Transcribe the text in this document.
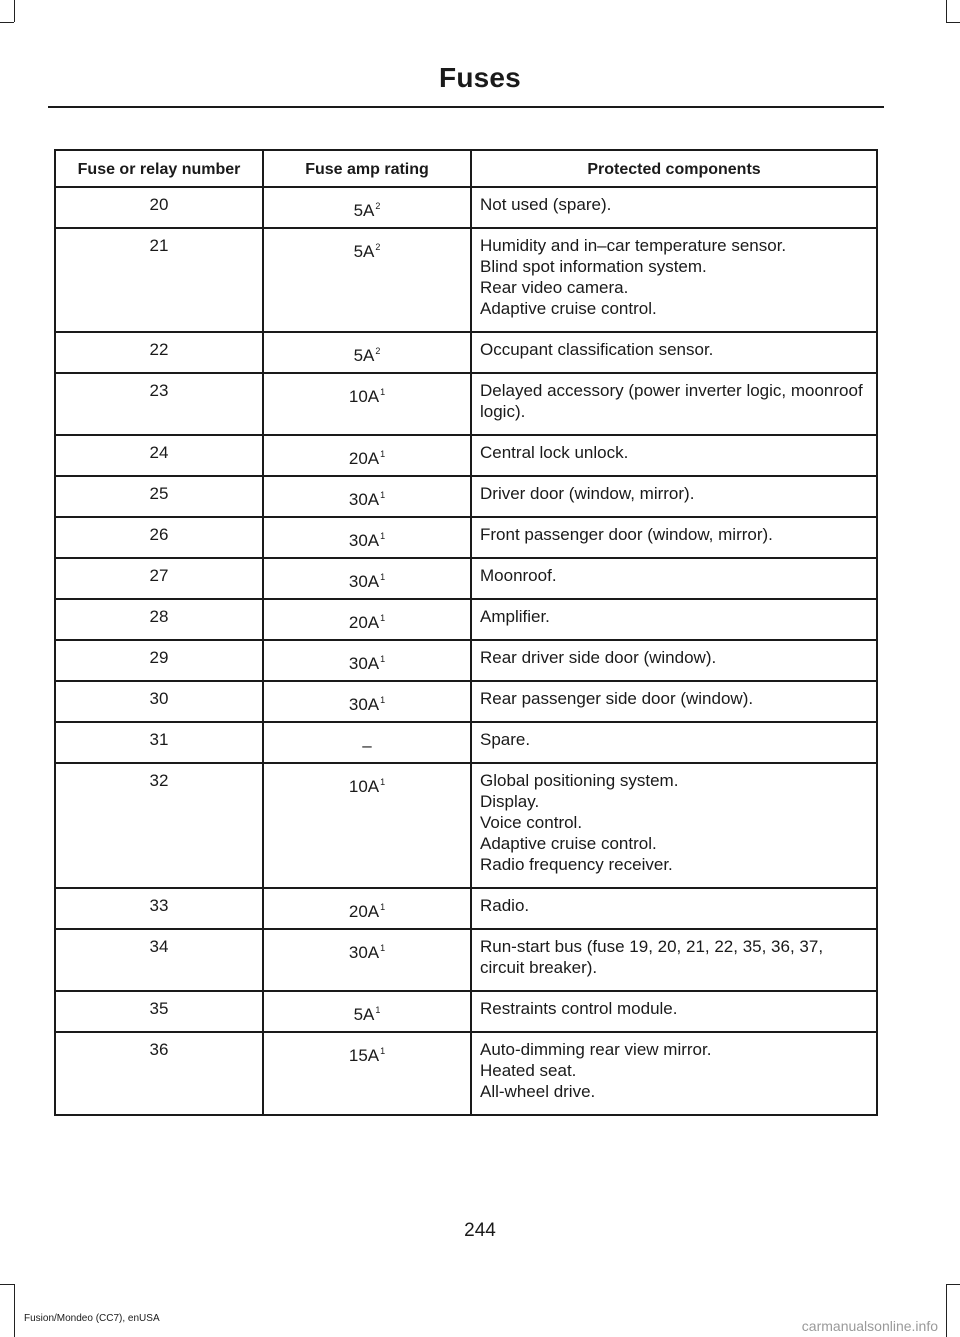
Fuses
Fuse or relay number	Fuse amp rating	Protected components
20	$5A^2$	Not used (spare).

21	$5A^2$	Humidity and in–car temperature sensor.
Blind spot information system.
Rear video camera.
Adaptive cruise control.

22	$5A^2$	Occupant classification sensor.

23	$10A^1$	Delayed accessory (power inverter logic, moonroof logic).

24	$20A^1$	Central lock unlock.

25	$30A^1$	Driver door (window, mirror).

26	$30A^1$	Front passenger door (window, mirror).

27	$30A^1$	Moonroof.

28	$20A^1$	Amplifier.

29	$30A^1$	Rear driver side door (window).

30	$30A^1$	Rear passenger side door (window).

31	–	Spare.

32	$10A^1$	Global positioning system.
Display.
Voice control.
Adaptive cruise control.
Radio frequency receiver.

33	$20A^1$	Radio.

34	$30A^1$	Run-start bus (fuse 19, 20, 21, 22, 35, 36, 37, circuit breaker).

35	$5A^1$	Restraints control module.

36	$15A^1$	Auto-dimming rear view mirror.
Heated seat.
All-wheel drive.
244
Fusion/Mondeo (CC7), enUSA	carmanualsonline.info
